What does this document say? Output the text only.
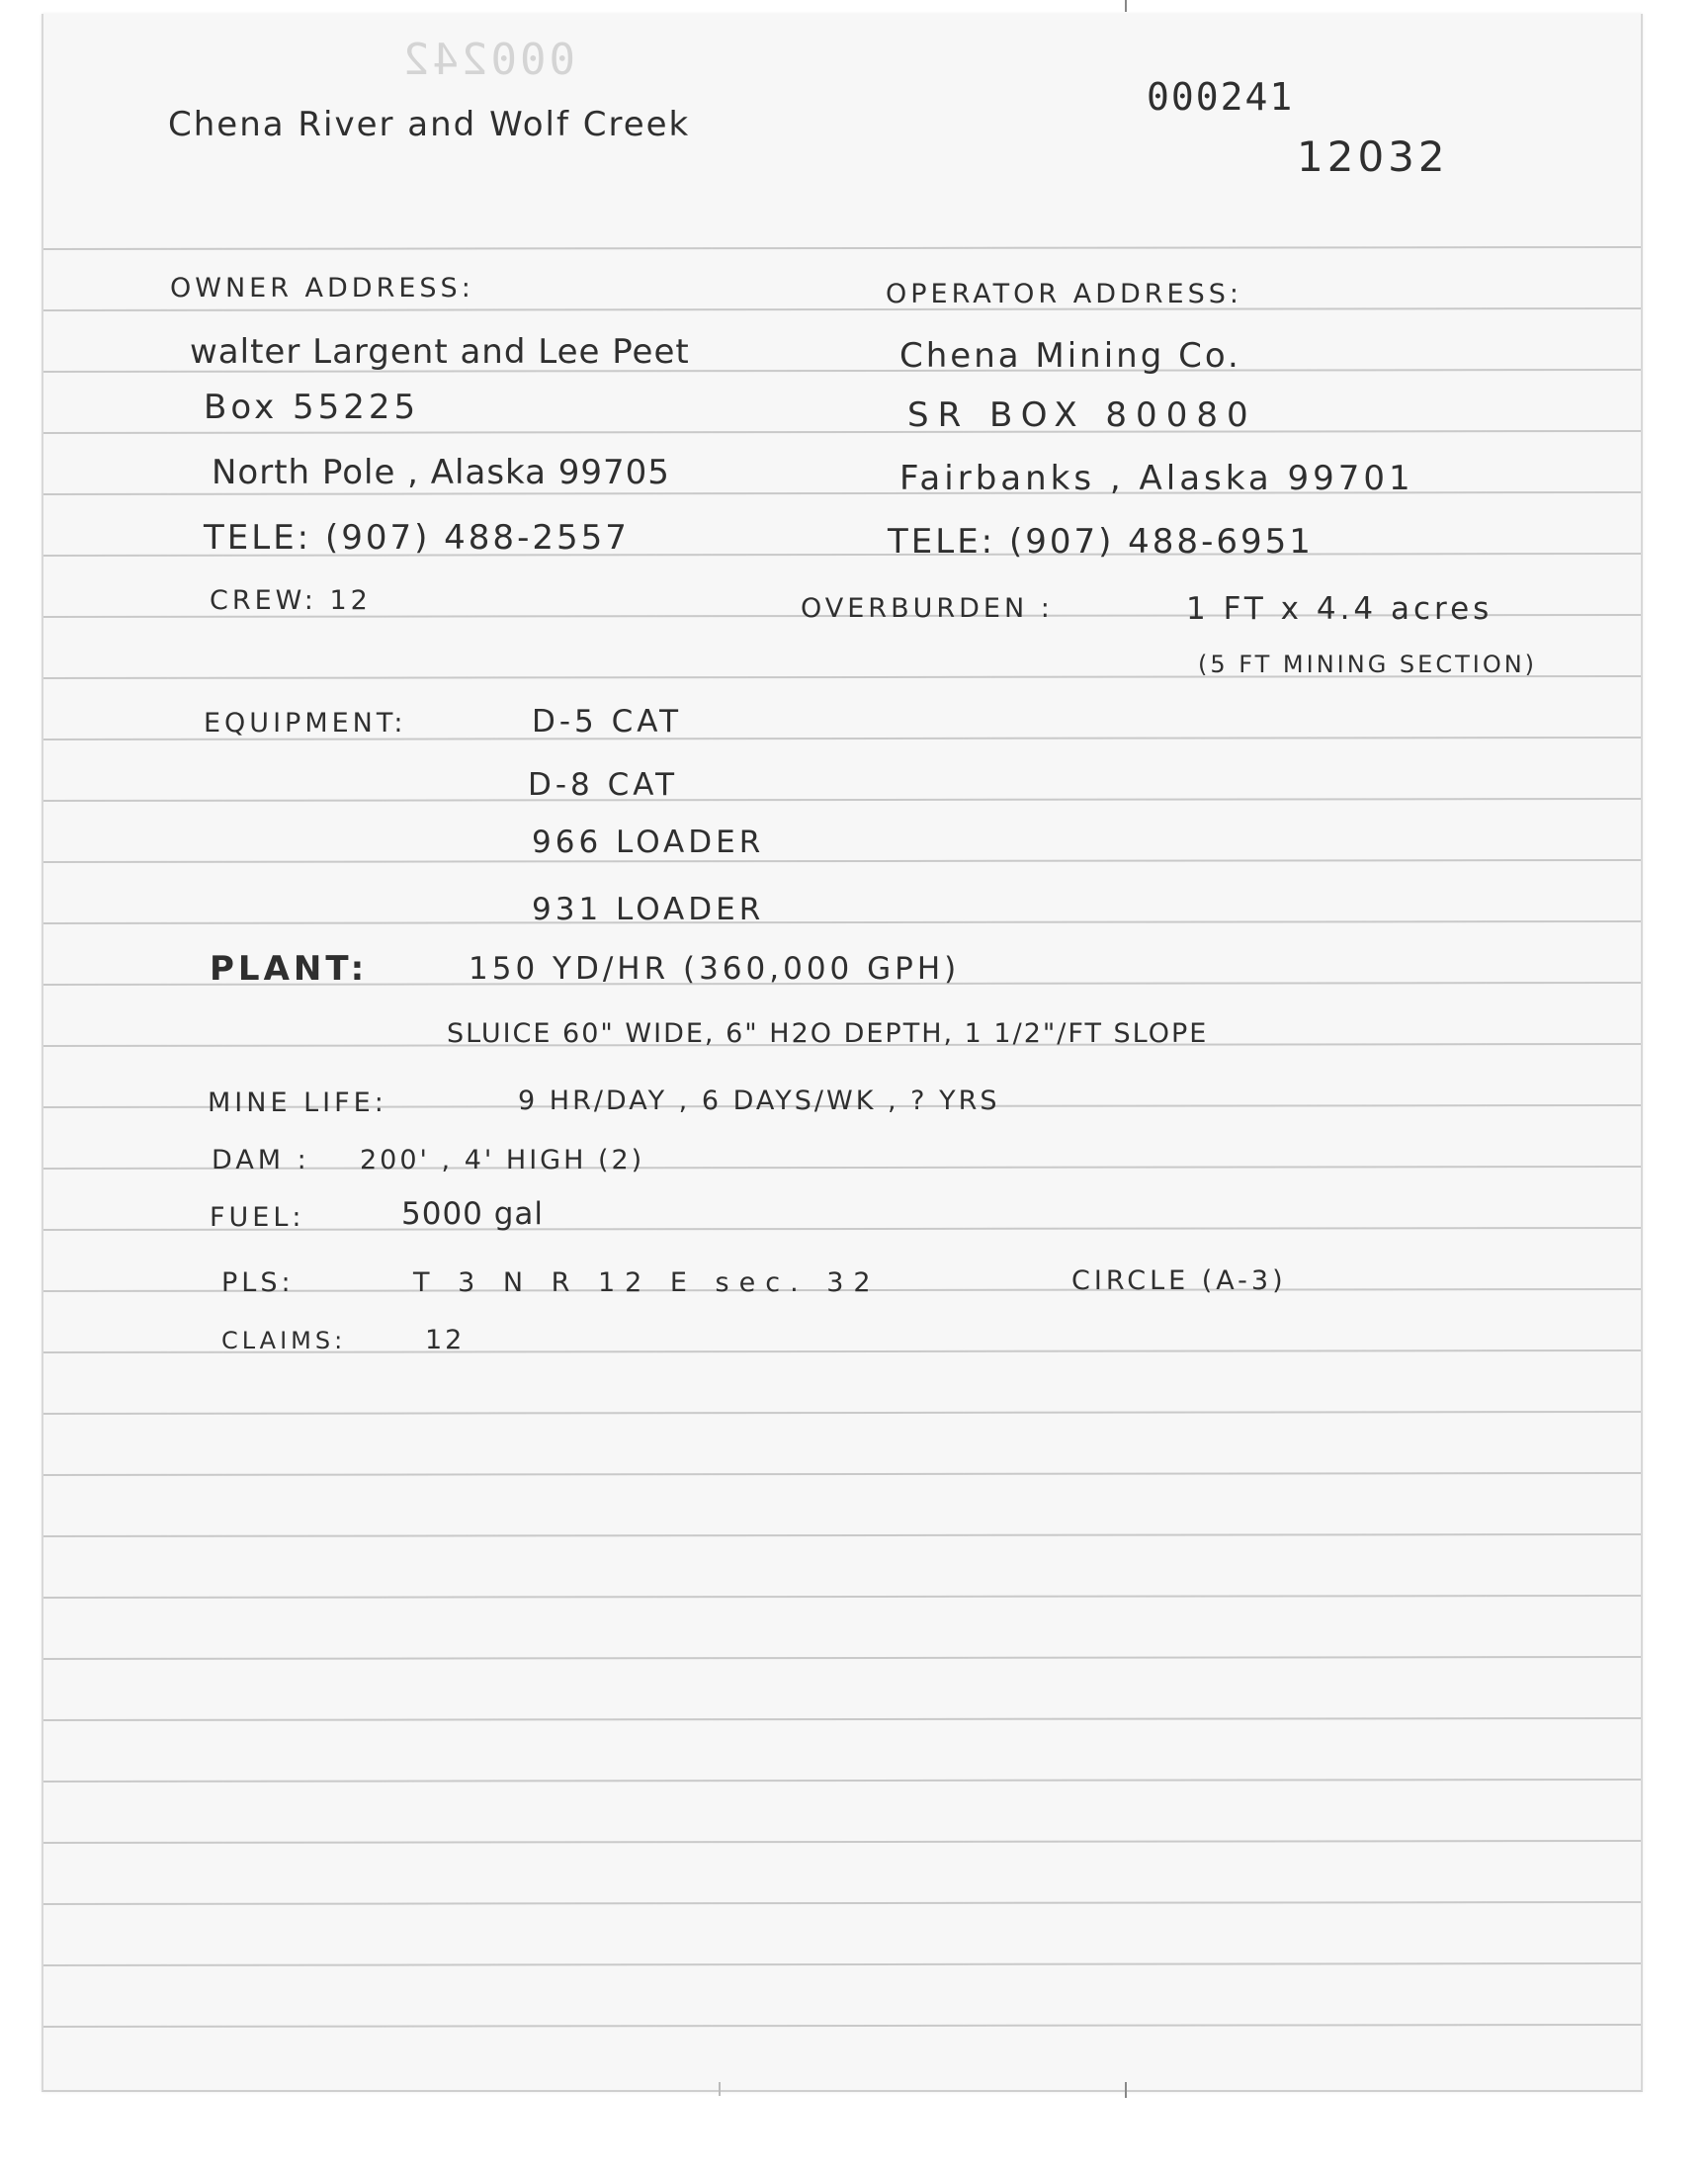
000242
000241
12032
Chena River and Wolf Creek
OWNER ADDRESS:
walter Largent and Lee Peet
Box 55225
North Pole , Alaska 99705
TELE: (907) 488-2557
CREW: 12
OPERATOR ADDRESS:
Chena Mining Co.
SR BOX 80080
Fairbanks , Alaska 99701
TELE: (907) 488-6951
OVERBURDEN :	1 FT x 4.4 acres
(5 FT MINING SECTION)
EQUIPMENT:	D-5 CAT
D-8 CAT
966 LOADER
931 LOADER
PLANT:	150 YD/HR (360,000 GPH)
SLUICE 60" WIDE, 6" H2O DEPTH, 1 1/2"/FT SLOPE
MINE LIFE:	9 HR/DAY , 6 DAYS/WK , ? YRS
DAM : 200' , 4' HIGH (2)
FUEL:	5000 gal
PLS:	T 3 N R 12 E sec. 32	CIRCLE (A-3)
CLAIMS:	12
